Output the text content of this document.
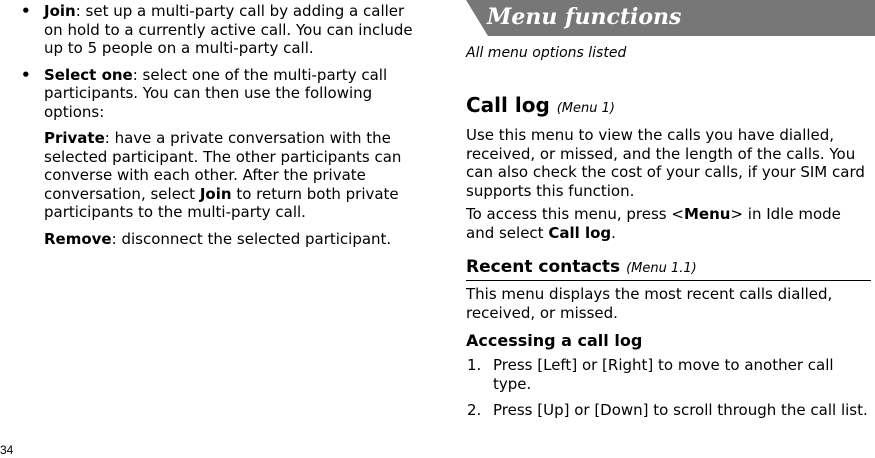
• Join: set up a multi-party call by adding a caller on hold to a currently active call. You can include up to 5 people on a multi-party call.
• Select one: select one of the multi-party call participants. You can then use the following options:
Private: have a private conversation with the selected participant. The other participants can converse with each other. After the private conversation, select Join to return both private participants to the multi-party call.
Remove: disconnect the selected participant.
34
Menu functions
All menu options listed
Call log (Menu 1)
Use this menu to view the calls you have dialled, received, or missed, and the length of the calls. You can also check the cost of your calls, if your SIM card supports this function.
To access this menu, press <Menu> in Idle mode and select Call log.
Recent contacts (Menu 1.1)
This menu displays the most recent calls dialled, received, or missed.
Accessing a call log
1. Press [Left] or [Right] to move to another call type.
2. Press [Up] or [Down] to scroll through the call list.
